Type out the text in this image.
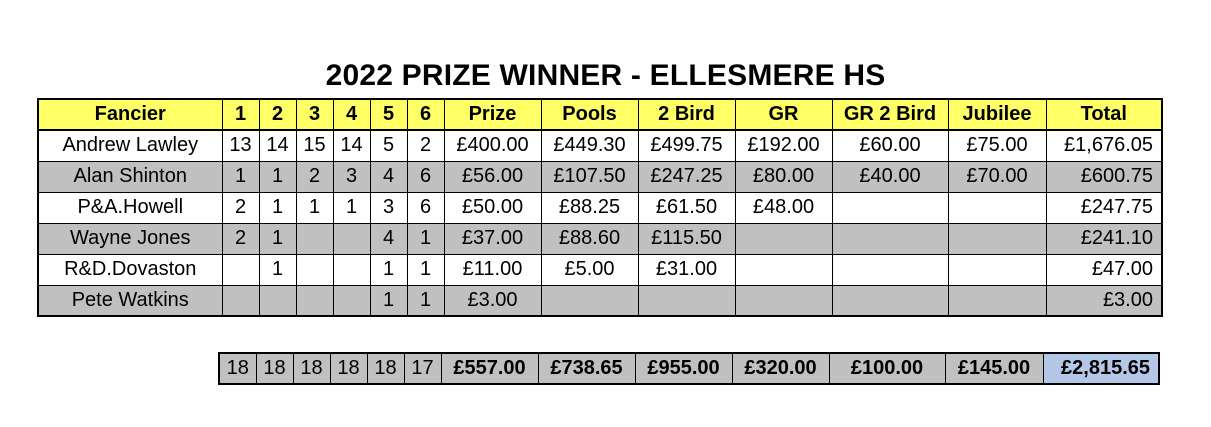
2022 PRIZE WINNER - ELLESMERE HS
Fancier	1	2	3	4	5	6	Prize	Pools	2 Bird	GR	GR 2 Bird	Jubilee	Total
Andrew Lawley	13	14	15	14	5	2	£400.00	£449.30	£499.75	£192.00	£60.00	£75.00	£1,676.05
Alan Shinton	1	1	2	3	4	6	£56.00	£107.50	£247.25	£80.00	£40.00	£70.00	£600.75
P&A.Howell	2	1	1	1	3	6	£50.00	£88.25	£61.50	£48.00			£247.75
Wayne Jones	2	1			4	1	£37.00	£88.60	£115.50				£241.10
R&D.Dovaston		1			1	1	£11.00	£5.00	£31.00				£47.00
Pete Watkins					1	1	£3.00						£3.00
18	18	18	18	18	17	£557.00	£738.65	£955.00	£320.00	£100.00	£145.00	£2,815.65
